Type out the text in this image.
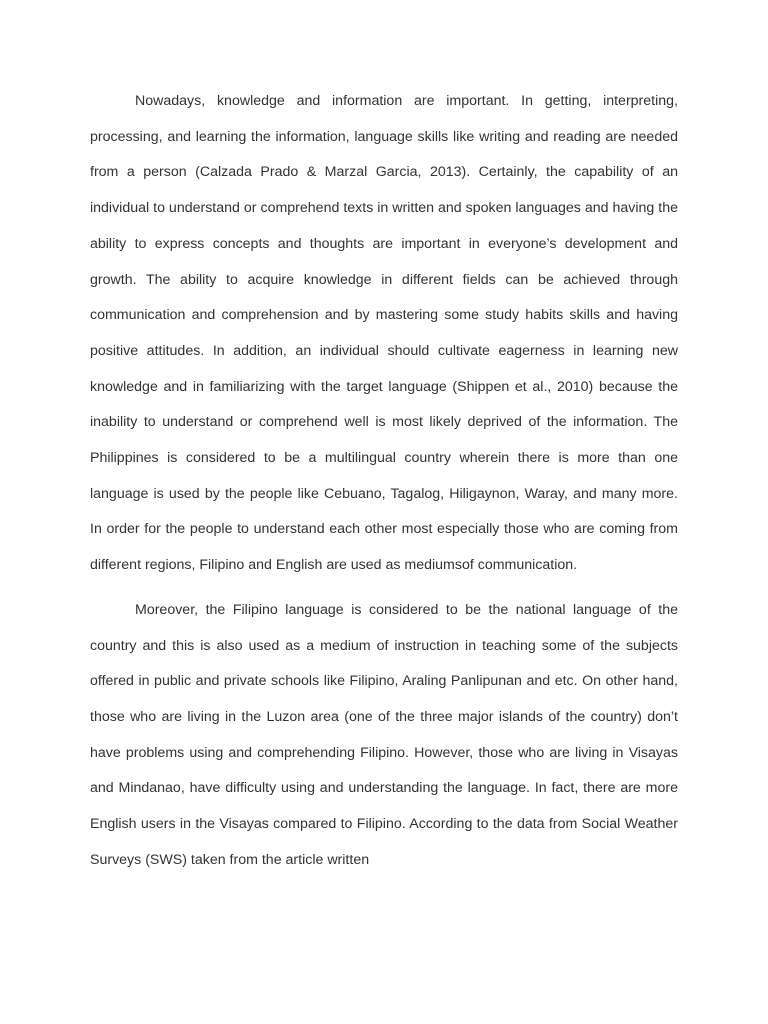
Nowadays, knowledge and information are important. In getting, interpreting, processing, and learning the information, language skills like writing and reading are needed from a person (Calzada Prado & Marzal Garcia, 2013). Certainly, the capability of an individual to understand or comprehend texts in written and spoken languages and having the ability to express concepts and thoughts are important in everyone’s development and growth. The ability to acquire knowledge in different fields can be achieved through communication and comprehension and by mastering some study habits skills and having positive attitudes. In addition, an individual should cultivate eagerness in learning new knowledge and in familiarizing with the target language (Shippen et al., 2010) because the inability to understand or comprehend well is most likely deprived of the information. The Philippines is considered to be a multilingual country wherein there is more than one language is used by the people like Cebuano, Tagalog, Hiligaynon, Waray, and many more. In order for the people to understand each other most especially those who are coming from different regions, Filipino and English are used as mediumsof communication.

Moreover, the Filipino language is considered to be the national language of the country and this is also used as a medium of instruction in teaching some of the subjects offered in public and private schools like Filipino, Araling Panlipunan and etc. On other hand, those who are living in the Luzon area (one of the three major islands of the country) don’t have problems using and comprehending Filipino. However, those who are living in Visayas and Mindanao, have difficulty using and understanding the language. In fact, there are more English users in the Visayas compared to Filipino. According to the data from Social Weather Surveys (SWS) taken from the article written
